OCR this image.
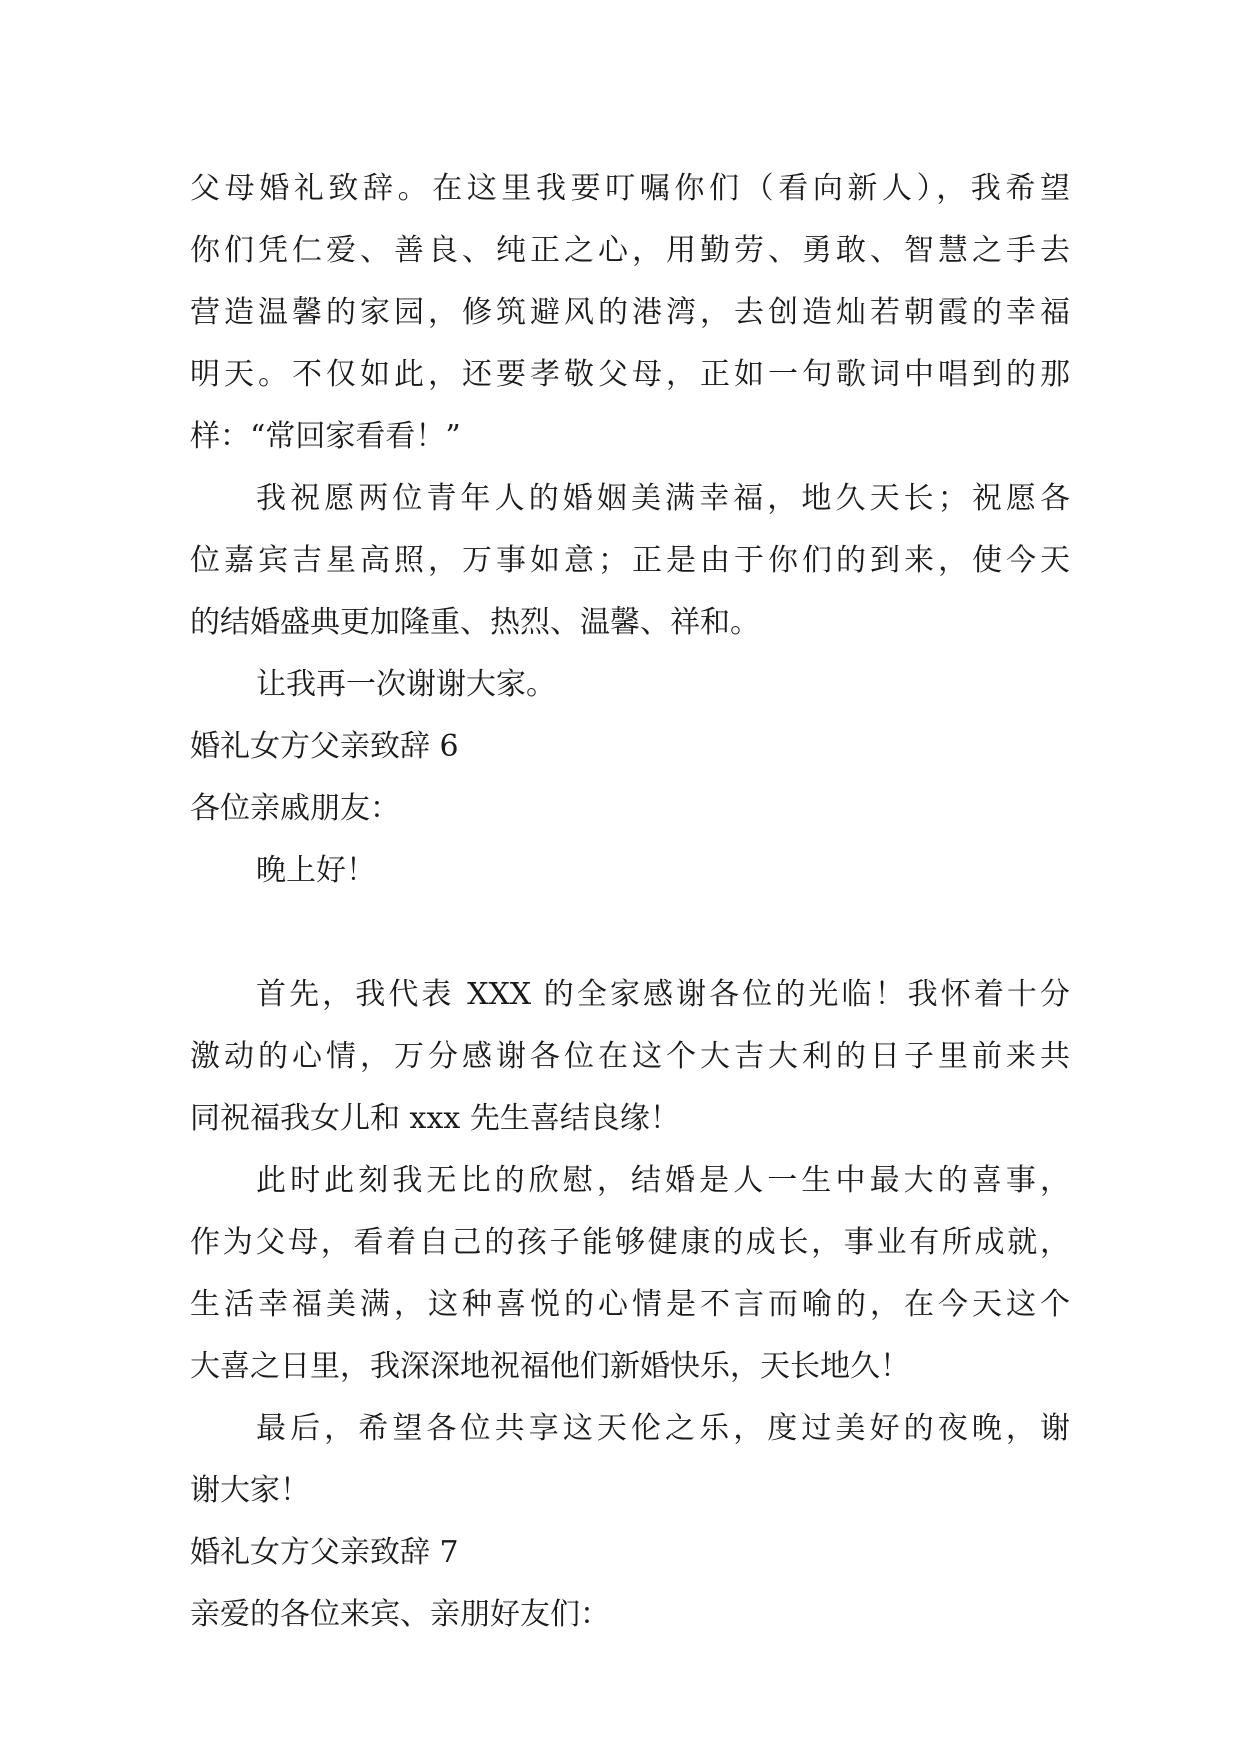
父母婚礼致辞。在这里我要叮嘱你们（看向新人），我希望
你们凭仁爱、善良、纯正之心，用勤劳、勇敢、智慧之手去
营造温馨的家园，修筑避风的港湾，去创造灿若朝霞的幸福
明天。不仅如此，还要孝敬父母，正如一句歌词中唱到的那
样：“常回家看看！”
我祝愿两位青年人的婚姻美满幸福，地久天长；祝愿各
位嘉宾吉星高照，万事如意；正是由于你们的到来，使今天
的结婚盛典更加隆重、热烈、温馨、祥和。
让我再一次谢谢大家。
婚礼女方父亲致辞 6
各位亲戚朋友：
晚上好！
首先，我代表 XXX 的全家感谢各位的光临！我怀着十分
激动的心情，万分感谢各位在这个大吉大利的日子里前来共
同祝福我女儿和 xxx 先生喜结良缘！
此时此刻我无比的欣慰，结婚是人一生中最大的喜事，
作为父母，看着自己的孩子能够健康的成长，事业有所成就，
生活幸福美满，这种喜悦的心情是不言而喻的，在今天这个
大喜之日里，我深深地祝福他们新婚快乐，天长地久！
最后，希望各位共享这天伦之乐，度过美好的夜晚，谢
谢大家！
婚礼女方父亲致辞 7
亲爱的各位来宾、亲朋好友们：
